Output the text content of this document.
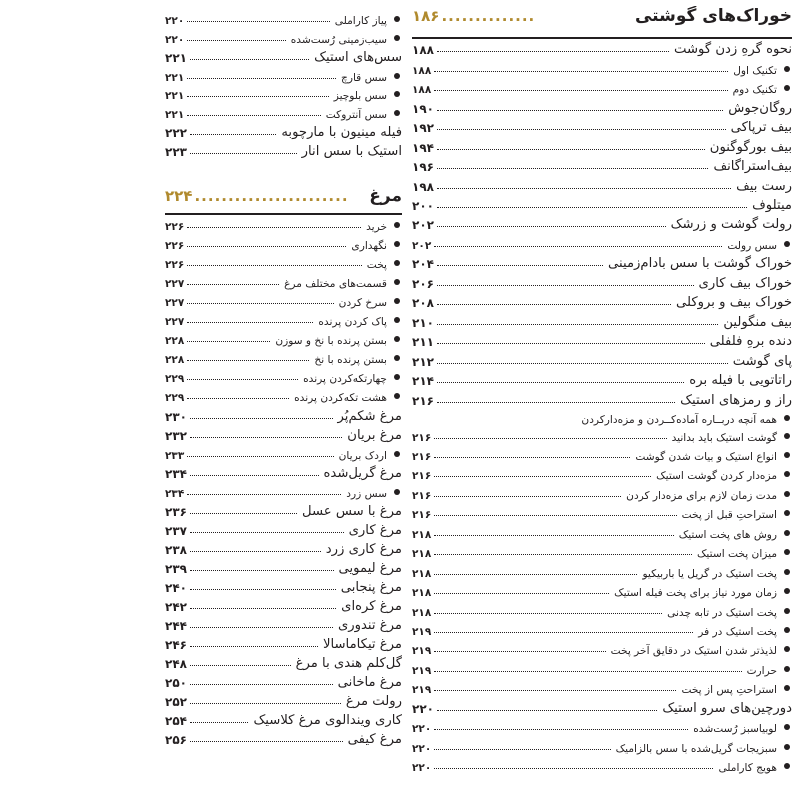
خوراک‌های گوشتی
..............
۱۸۶
نحوه گرهِ زدن گوشت
۱۸۸
تکنیک اول
۱۸۸
تکنیک دوم
۱۸۸
روگان‌جوش
۱۹۰
بیف ترپاکی
۱۹۲
بیف بورگوگنون
۱۹۴
بیف‌استراگانف
۱۹۶
رست بیف
۱۹۸
میتلوف
۲۰۰
رولت گوشت و زرشک
۲۰۲
سس رولت
۲۰۲
خوراک گوشت با سس بادام‌زمینی
۲۰۴
خوراک بیف کاری
۲۰۶
خوراک بیف و بروکلی
۲۰۸
بیف منگولین
۲۱۰
دنده برهِ فلفلی
۲۱۱
پای گوشت
۲۱۲
راتاتویی با فیله بره
۲۱۴
راز و رمزهای استیک
۲۱۶
همه آنچه دربــاره آماده‌کــردن و مزه‌دارکردن
گوشت استیک باید بدانید
۲۱۶
انواع استیک و بیات شدن گوشت
۲۱۶
مزه‌دار کردن گوشت استیک
۲۱۶
مدت زمان لازم برای مزه‌دار کردن
۲۱۶
استراحتِ قبل از پخت
۲۱۶
روش های پخت استیک
۲۱۸
میزان پخت استیک
۲۱۸
پخت استیک در گریل یا باربیکیو
۲۱۸
زمان مورد نیاز برای پخت فیله استیک
۲۱۸
پخت استیک در تابه چدنی
۲۱۸
پخت استیک در فر
۲۱۹
لذیذتر شدن استیک در دقایق آخر پخت
۲۱۹
حرارت
۲۱۹
استراحتِ پس از پخت
۲۱۹
دورچین‌های سرو استیک
۲۲۰
لوبیاسبز رُست‌شده
۲۲۰
سبزیجات گریل‌شده با سس بالزامیک
۲۲۰
هویج کاراملی
۲۲۰
پیاز کاراملی
۲۲۰
سیب‌زمینی رُست‌شده
۲۲۰
سس‌های استیک
۲۲۱
سس قارچ
۲۲۱
سس بلوچیز
۲۲۱
سس آنتروکت
۲۲۱
فیله مینیون با مارچوبه
۲۲۲
استیک با سس انار
۲۲۳
مرغ
.......................
۲۲۴
خرید
۲۲۶
نگهداری
۲۲۶
پخت
۲۲۶
قسمت‌های مختلف مرغ
۲۲۷
سرخ کردن
۲۲۷
پاک کردن پرنده
۲۲۷
بستن پرنده با نخ و سوزن
۲۲۸
بستن پرنده با نخ
۲۲۸
چهارتکه‌کردن پرنده
۲۲۹
هشت تکه‌کردن پرنده
۲۲۹
مرغ شکم‌پُر
۲۳۰
مرغ بریان
۲۳۲
اردک بریان
۲۳۳
مرغ گریل‌شده
۲۳۴
سس زرد
۲۳۴
مرغ با سس عسل
۲۳۶
مرغ کاری
۲۳۷
مرغ کاری زرد
۲۳۸
مرغ لیمویی
۲۳۹
مرغ پنجابی
۲۴۰
مرغ کره‌ای
۲۴۲
مرغ تندوری
۲۴۴
مرغ تیکاماسالا
۲۴۶
گل‌کلم هندی با مرغ
۲۴۸
مرغ ماخانی
۲۵۰
رولت مرغ
۲۵۲
کاری ویندالوی مرغ کلاسیک
۲۵۴
مرغ کیفی
۲۵۶
